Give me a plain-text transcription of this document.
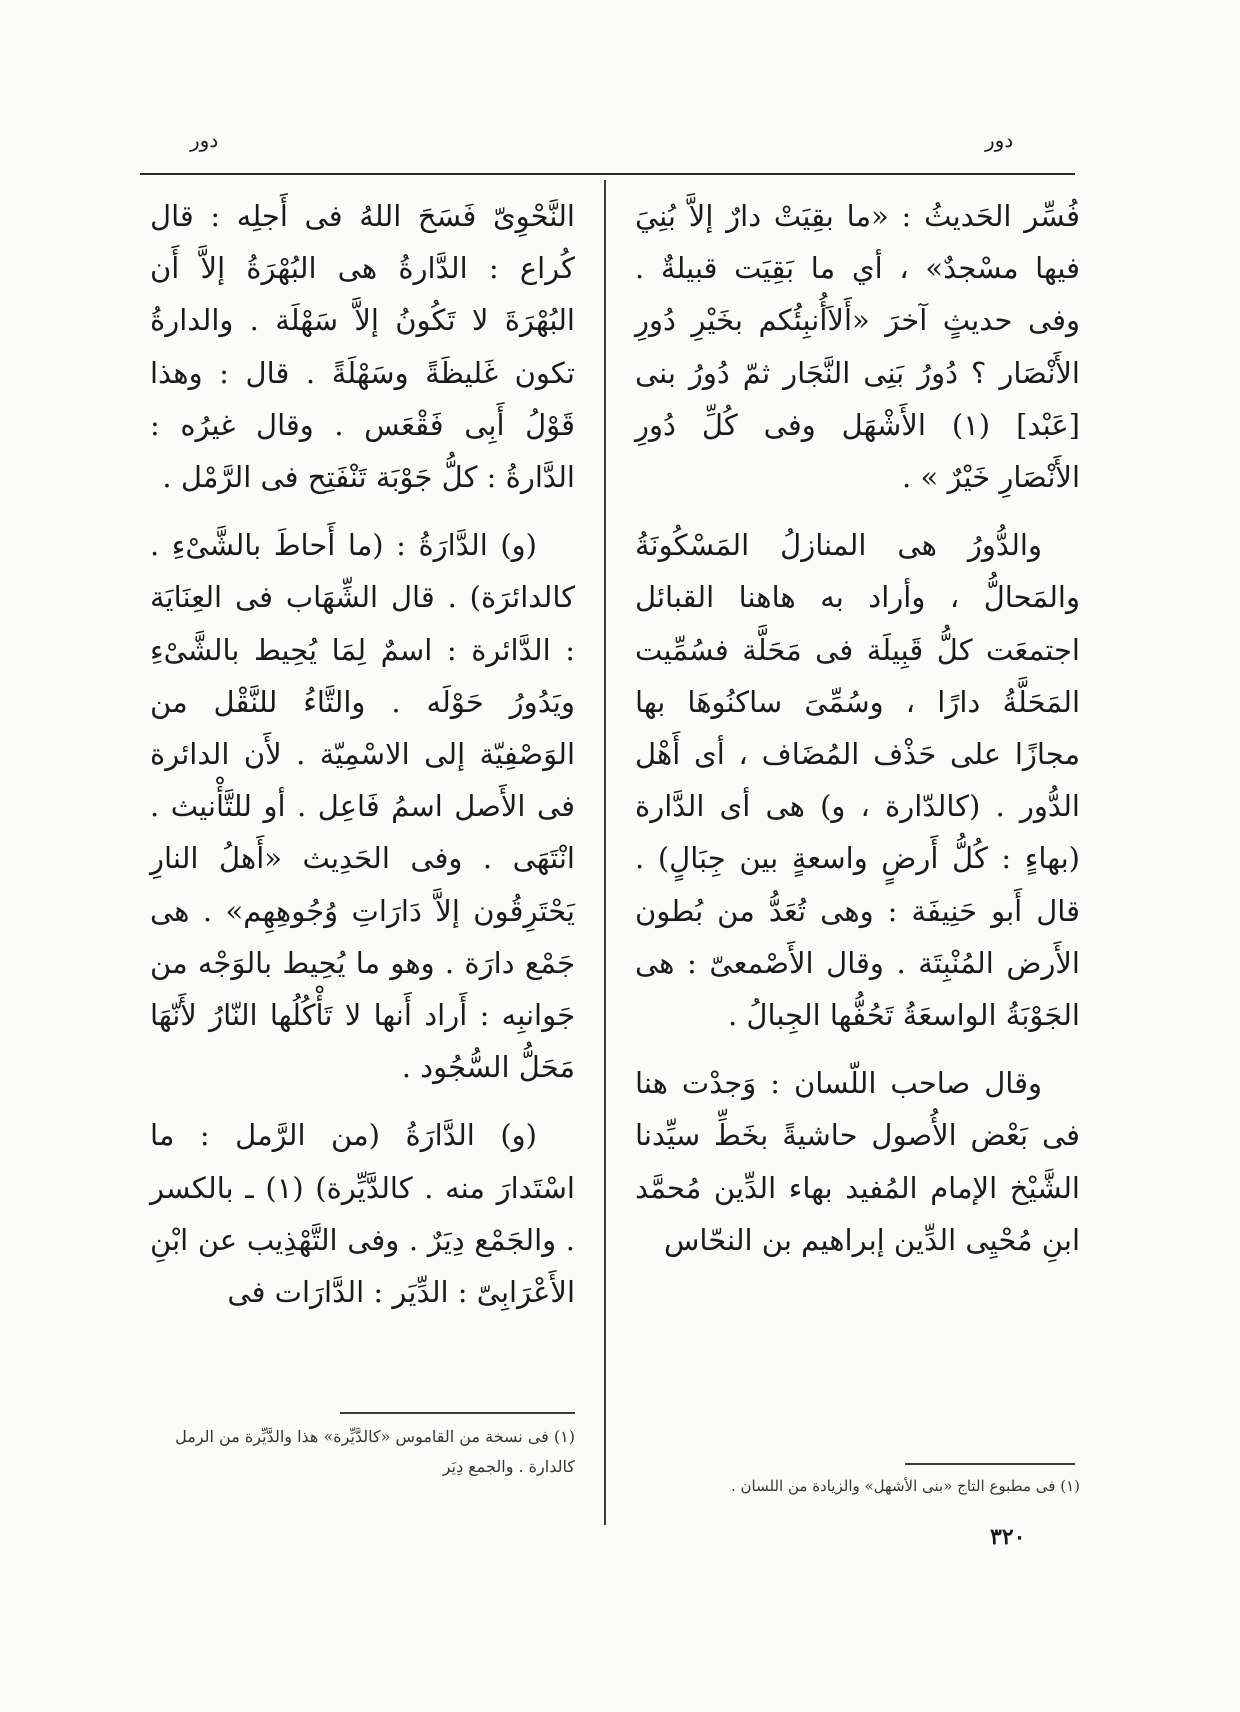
دور
دور

فُسِّر الحَديثُ : «ما بقِيَتْ دارٌ إلاَّ بُنِيَ فيها مسْجدٌ» ، أي ما بَقِيَت قبيلةٌ . وفى حديثٍ آخرَ «أَلاَأُنبِئُكم بخَيْرِ دُورِ الأَنْصَار ؟ دُورُ بَنِى النَّجَار ثمّ دُورُ بنى [عَبْد] (١) الأَشْهَل وفى كُلِّ دُورِ الأَنْصَارِ خَيْرٌ » .

والدُّورُ هى المنازلُ المَسْكُونَةُ والمَحالُّ ، وأراد به هاهنا القبائل اجتمعَت كلُّ قَبِيلَة فى مَحَلَّة فسُمِّيت المَحَلَّةُ دارًا ، وسُمِّىَ ساكنُوهَا بها مجازًا على حَذْف المُضَاف ، أى أَهْل الدُّور . (كالدّارة ، و) هى أى الدَّارة (بهاءٍ : كُلُّ أَرضٍ واسعةٍ بين جِبَالٍ) . قال أَبو حَنِيفَة : وهى تُعَدُّ من بُطون الأَرض المُنْبِتَة . وقال الأَصْمعىّ : هى الجَوْبَةُ الواسعَةُ تَحُفُّها الجِبالُ .

وقال صاحب اللّسان : وَجدْت هنا فى بَعْض الأُصول حاشيةً بخَطِّ سيِّدنا الشَّيْخ الإمام المُفيد بهاء الدِّين مُحمَّد ابنِ مُحْيِى الدِّين إبراهيم بن النحّاس

النَّحْوِىّ فَسَحَ اللهُ فى أَجلِه : قال كُراع : الدَّارةُ هى البُهْرَةُ إلاَّ أَن البُهْرَةَ لا تَكُونُ إلاَّ سَهْلَة . والدارةُ تكون غَليظَةً وسَهْلَةً . قال : وهذا قَوْلُ أَبِى فَقْعَس . وقال غيرُه : الدَّارةُ : كلُّ جَوْبَة تَنْفَتِح فى الرَّمْل .

(و) الدَّارَةُ : (ما أَحاطَ بالشَّىْءِ . كالدائرَة) . قال الشِّهَاب فى العِنَايَة : الدَّائرة : اسمٌ لِمَا يُحِيط بالشَّىْءِ ويَدُورُ حَوْلَه . والتَّاءُ للنَّقْل من الوَصْفِيّة إلى الاسْمِيّة . لأَن الدائرة فى الأَصل اسمُ فَاعِل . أو للتَّأْنيث . انْتَهَى . وفى الحَدِيث «أَهلُ النارِ يَحْتَرِقُون إلاَّ دَارَاتِ وُجُوهِهِم» . هى جَمْع دارَة . وهو ما يُحِيط بالوَجْه من جَوانبِه : أَراد أَنها لا تَأْكُلُها النّارُ لأَنّهَا مَحَلُّ السُّجُود .

(و) الدَّارَةُ (من الرَّمل : ما اسْتَدارَ منه . كالدَّيِّرة) (١) ـ بالكسر . والجَمْع دِيَرٌ . وفى التَّهْذِيب عن ابْنِ الأَعْرَابِىّ : الدِّيَر : الدَّارَات فى

(١) فى مطبوع التاج «بنى الأشهل» والزيادة من اللسان .
(١) فى نسخة من القاموس «كالدَّيِّرة» هذا والدَّيِّرة من الرمل كالدارة . والجمع دِيَر
٣٢٠
